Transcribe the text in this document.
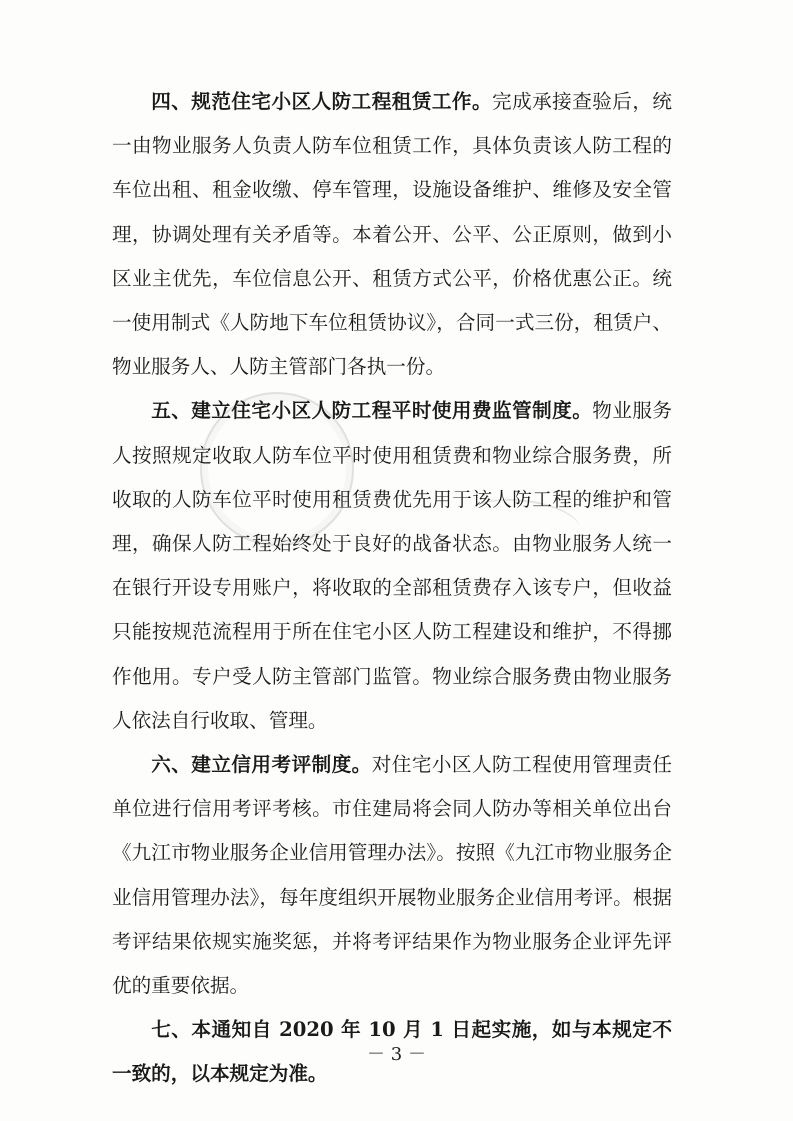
四、规范住宅小区人防工程租赁工作。完成承接查验后，统一由物业服务人负责人防车位租赁工作，具体负责该人防工程的车位出租、租金收缴、停车管理，设施设备维护、维修及安全管理，协调处理有关矛盾等。本着公开、公平、公正原则，做到小区业主优先，车位信息公开、租赁方式公平，价格优惠公正。统一使用制式《人防地下车位租赁协议》，合同一式三份，租赁户、物业服务人、人防主管部门各执一份。

五、建立住宅小区人防工程平时使用费监管制度。物业服务人按照规定收取人防车位平时使用租赁费和物业综合服务费，所收取的人防车位平时使用租赁费优先用于该人防工程的维护和管理，确保人防工程始终处于良好的战备状态。由物业服务人统一在银行开设专用账户，将收取的全部租赁费存入该专户，但收益只能按规范流程用于所在住宅小区人防工程建设和维护，不得挪作他用。专户受人防主管部门监管。物业综合服务费由物业服务人依法自行收取、管理。

六、建立信用考评制度。对住宅小区人防工程使用管理责任单位进行信用考评考核。市住建局将会同人防办等相关单位出台《九江市物业服务企业信用管理办法》。按照《九江市物业服务企业信用管理办法》，每年度组织开展物业服务企业信用考评。根据考评结果依规实施奖惩，并将考评结果作为物业服务企业评先评优的重要依据。

七、本通知自 2020 年 10 月 1 日起实施，如与本规定不一致的，以本规定为准。

－ 3 －
